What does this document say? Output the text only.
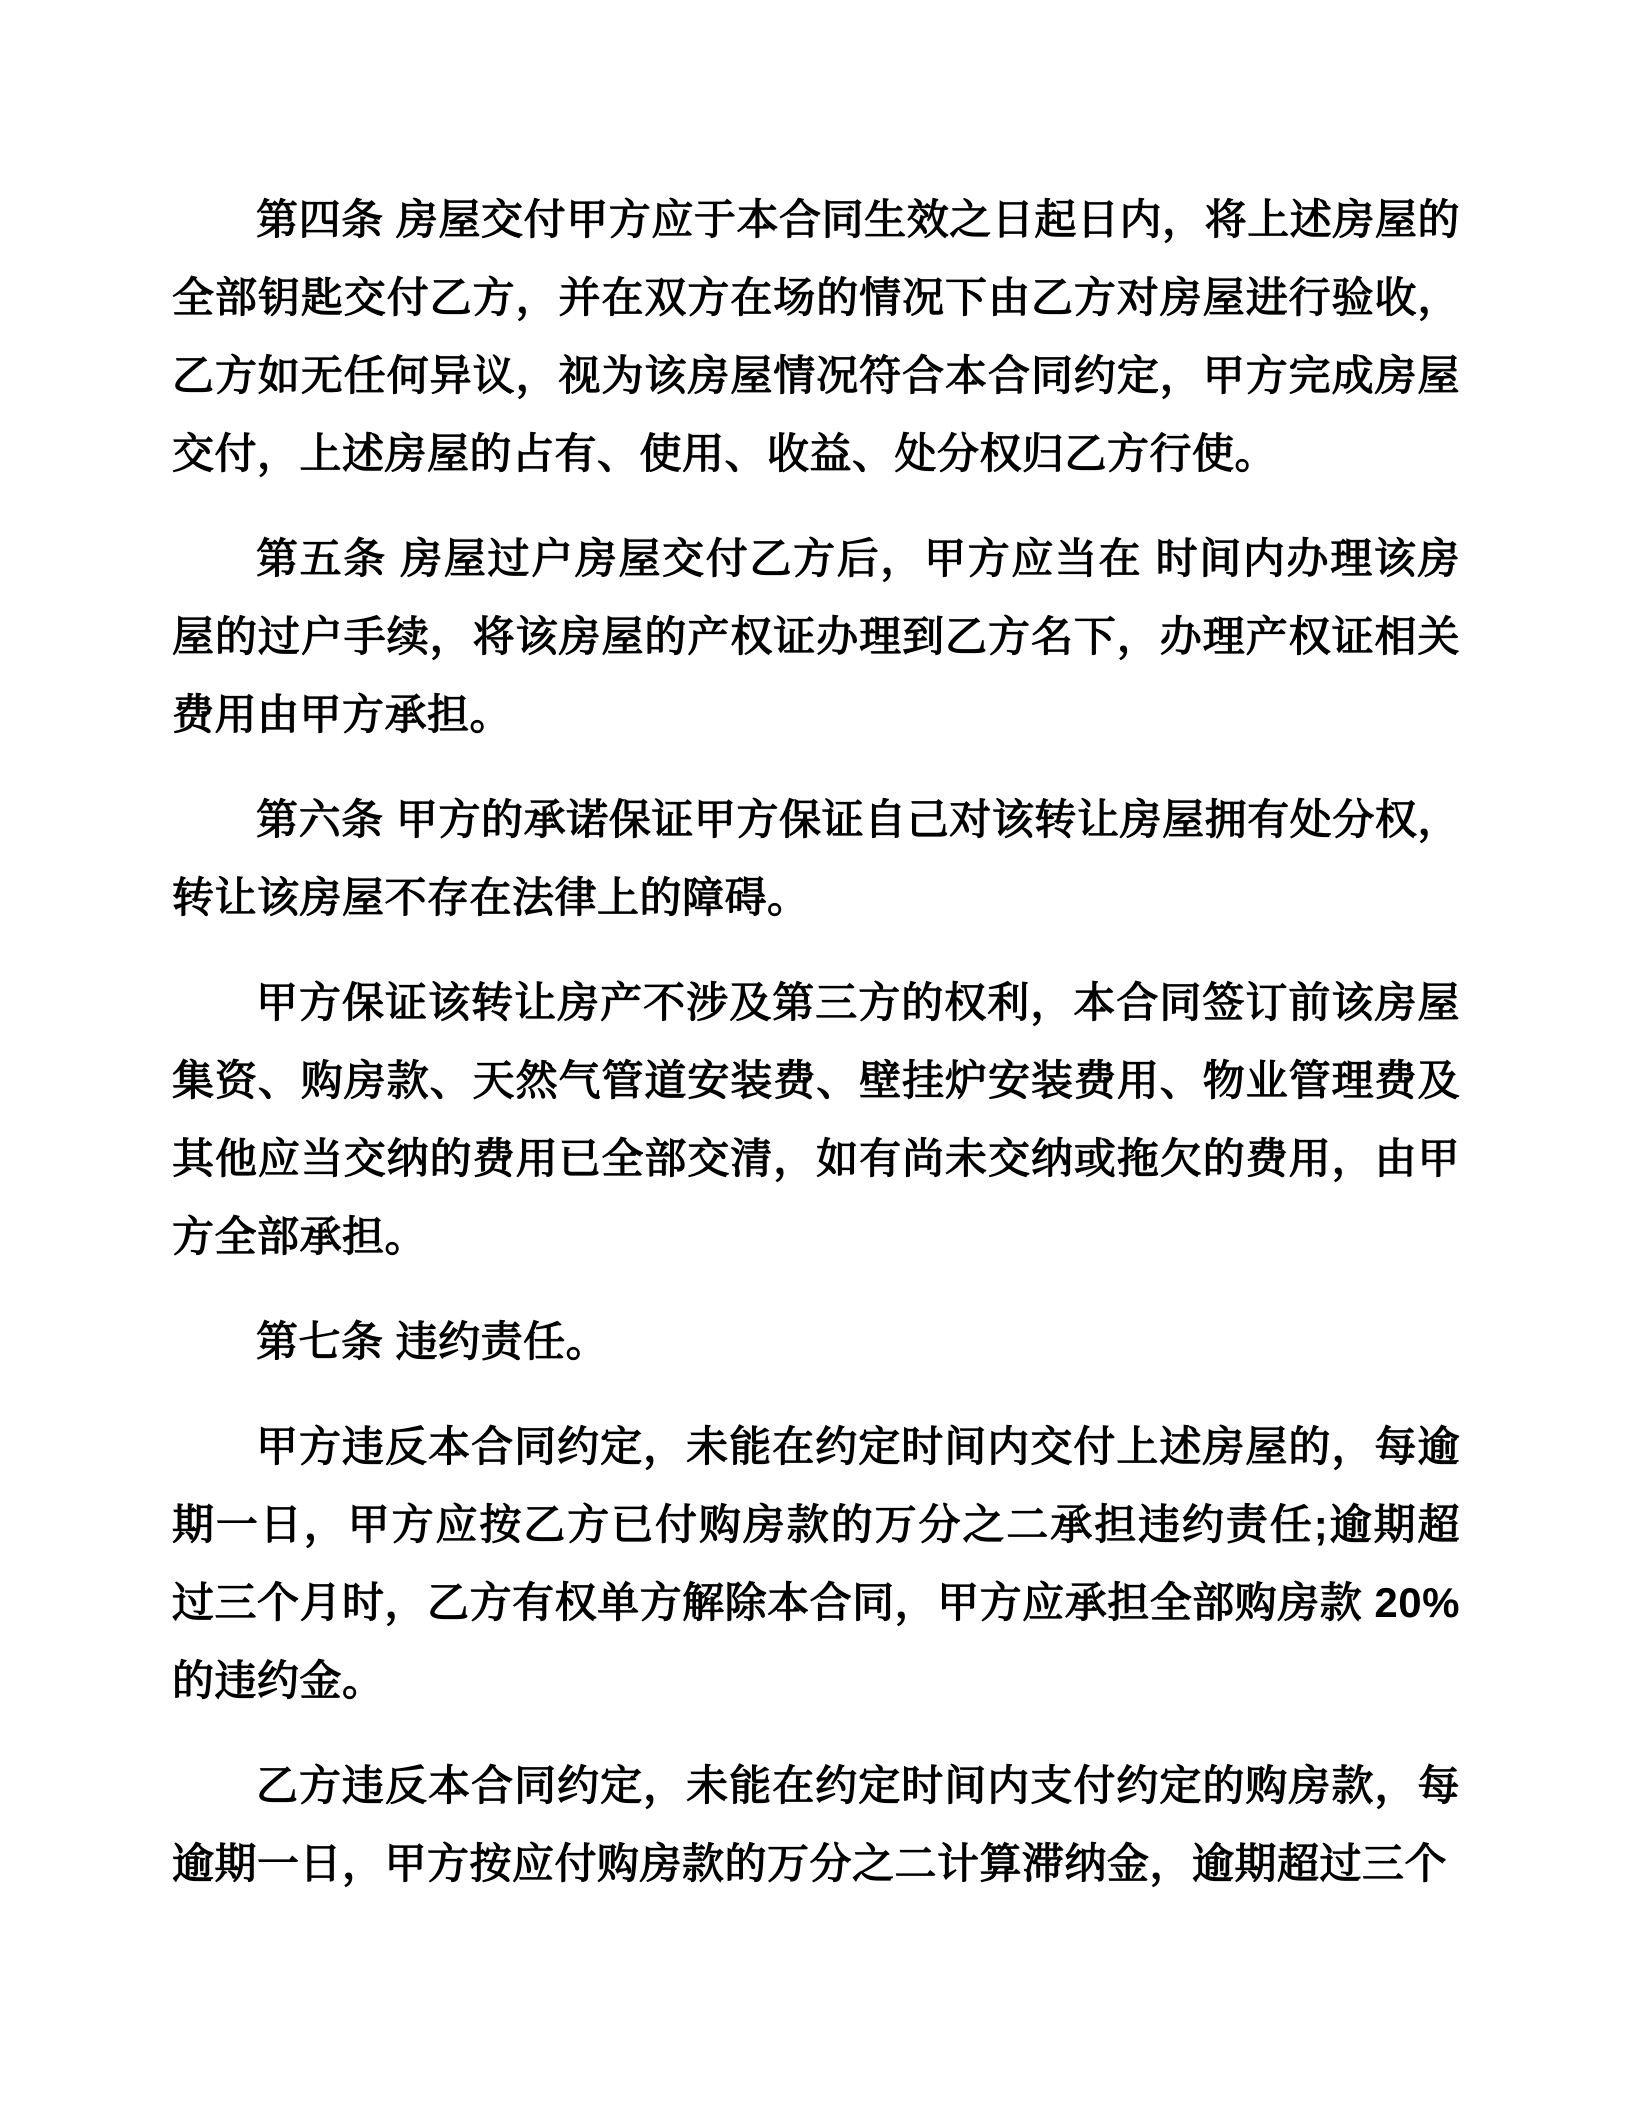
第四条 房屋交付甲方应于本合同生效之日起日内，将上述房屋的全部钥匙交付乙方，并在双方在场的情况下由乙方对房屋进行验收，乙方如无任何异议，视为该房屋情况符合本合同约定，甲方完成房屋交付，上述房屋的占有、使用、收益、处分权归乙方行使。

第五条 房屋过户房屋交付乙方后，甲方应当在 时间内办理该房屋的过户手续，将该房屋的产权证办理到乙方名下，办理产权证相关费用由甲方承担。

第六条 甲方的承诺保证甲方保证自己对该转让房屋拥有处分权，转让该房屋不存在法律上的障碍。

甲方保证该转让房产不涉及第三方的权利，本合同签订前该房屋集资、购房款、天然气管道安装费、壁挂炉安装费用、物业管理费及其他应当交纳的费用已全部交清，如有尚未交纳或拖欠的费用，由甲方全部承担。

第七条 违约责任。

甲方违反本合同约定，未能在约定时间内交付上述房屋的，每逾期一日，甲方应按乙方已付购房款的万分之二承担违约责任;逾期超过三个月时，乙方有权单方解除本合同，甲方应承担全部购房款 20%的违约金。

乙方违反本合同约定，未能在约定时间内支付约定的购房款，每逾期一日，甲方按应付购房款的万分之二计算滞纳金，逾期超过三个
